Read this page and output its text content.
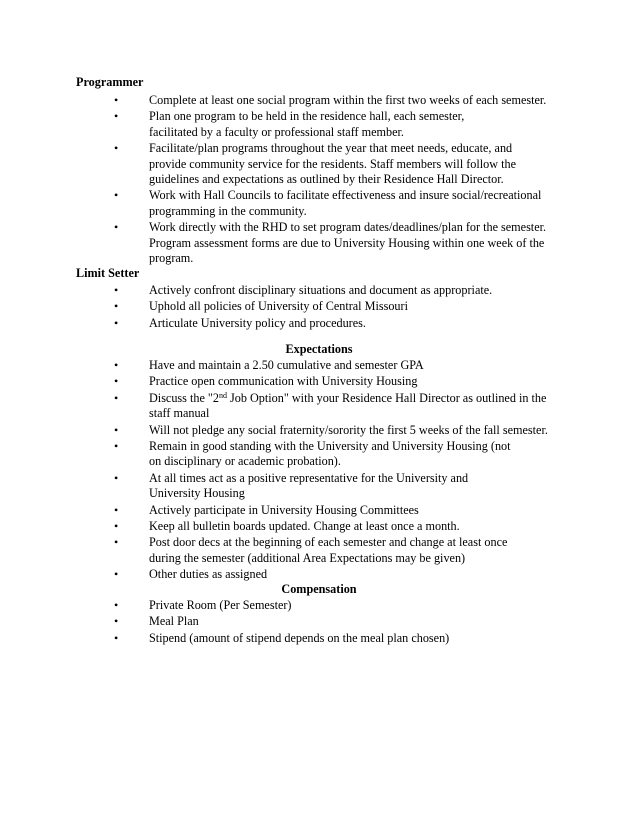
Programmer
•	Complete at least one social program within the first two weeks of each semester.
•	Plan one program to be held in the residence hall, each semester,
facilitated by a faculty or professional staff member.
•	Facilitate/plan programs throughout the year that meet needs, educate, and
provide community service for the residents. Staff members will follow the
guidelines and expectations as outlined by their Residence Hall Director.
•	Work with Hall Councils to facilitate effectiveness and insure social/recreational
programming in the community.
•	Work directly with the RHD to set program dates/deadlines/plan for the semester.
Program assessment forms are due to University Housing within one week of the
program.
Limit Setter
•	Actively confront disciplinary situations and document as appropriate.
•	Uphold all policies of University of Central Missouri
•	Articulate University policy and procedures.
Expectations
•	Have and maintain a 2.50 cumulative and semester GPA
•	Practice open communication with University Housing
•	Discuss the "2nd Job Option" with your Residence Hall Director as outlined in the
staff manual
•	Will not pledge any social fraternity/sorority the first 5 weeks of the fall semester.
•	Remain in good standing with the University and University Housing (not
on disciplinary or academic probation).
•	At all times act as a positive representative for the University and
University Housing
•	Actively participate in University Housing Committees
•	Keep all bulletin boards updated. Change at least once a month.
•	Post door decs at the beginning of each semester and change at least once
during the semester (additional Area Expectations may be given)
•	Other duties as assigned
Compensation
•	Private Room (Per Semester)
•	Meal Plan
•	Stipend (amount of stipend depends on the meal plan chosen)
